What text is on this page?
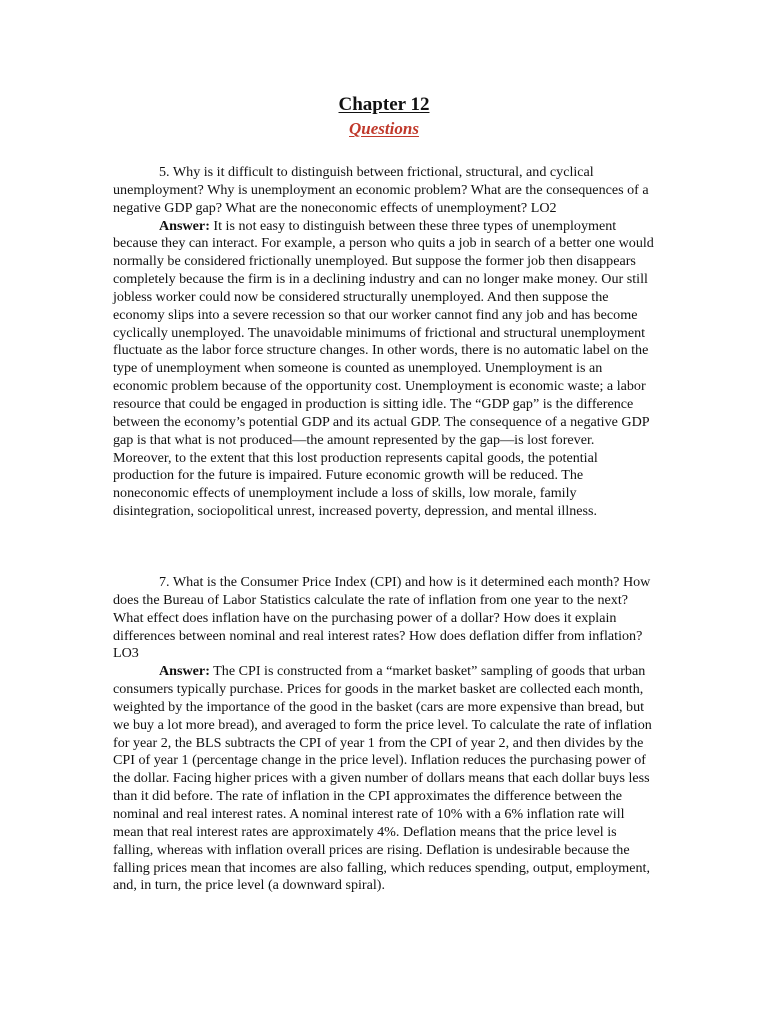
Chapter 12
Questions

5. Why is it difficult to distinguish between frictional, structural, and cyclical unemployment? Why is unemployment an economic problem? What are the consequences of a negative GDP gap? What are the noneconomic effects of unemployment? LO2

Answer: It is not easy to distinguish between these three types of unemployment because they can interact. For example, a person who quits a job in search of a better one would normally be considered frictionally unemployed. But suppose the former job then disappears completely because the firm is in a declining industry and can no longer make money. Our still jobless worker could now be considered structurally unemployed. And then suppose the economy slips into a severe recession so that our worker cannot find any job and has become cyclically unemployed. The unavoidable minimums of frictional and structural unemployment fluctuate as the labor force structure changes. In other words, there is no automatic label on the type of unemployment when someone is counted as unemployed. Unemployment is an economic problem because of the opportunity cost. Unemployment is economic waste; a labor resource that could be engaged in production is sitting idle. The “GDP gap” is the difference between the economy’s potential GDP and its actual GDP. The consequence of a negative GDP gap is that what is not produced—the amount represented by the gap—is lost forever. Moreover, to the extent that this lost production represents capital goods, the potential production for the future is impaired. Future economic growth will be reduced. The noneconomic effects of unemployment include a loss of skills, low morale, family disintegration, sociopolitical unrest, increased poverty, depression, and mental illness.

7. What is the Consumer Price Index (CPI) and how is it determined each month? How does the Bureau of Labor Statistics calculate the rate of inflation from one year to the next? What effect does inflation have on the purchasing power of a dollar? How does it explain differences between nominal and real interest rates? How does deflation differ from inflation? LO3

Answer: The CPI is constructed from a “market basket” sampling of goods that urban consumers typically purchase. Prices for goods in the market basket are collected each month, weighted by the importance of the good in the basket (cars are more expensive than bread, but we buy a lot more bread), and averaged to form the price level. To calculate the rate of inflation for year 2, the BLS subtracts the CPI of year 1 from the CPI of year 2, and then divides by the CPI of year 1 (percentage change in the price level). Inflation reduces the purchasing power of the dollar. Facing higher prices with a given number of dollars means that each dollar buys less than it did before. The rate of inflation in the CPI approximates the difference between the nominal and real interest rates. A nominal interest rate of 10% with a 6% inflation rate will mean that real interest rates are approximately 4%. Deflation means that the price level is falling, whereas with inflation overall prices are rising. Deflation is undesirable because the falling prices mean that incomes are also falling, which reduces spending, output, employment, and, in turn, the price level (a downward spiral).
